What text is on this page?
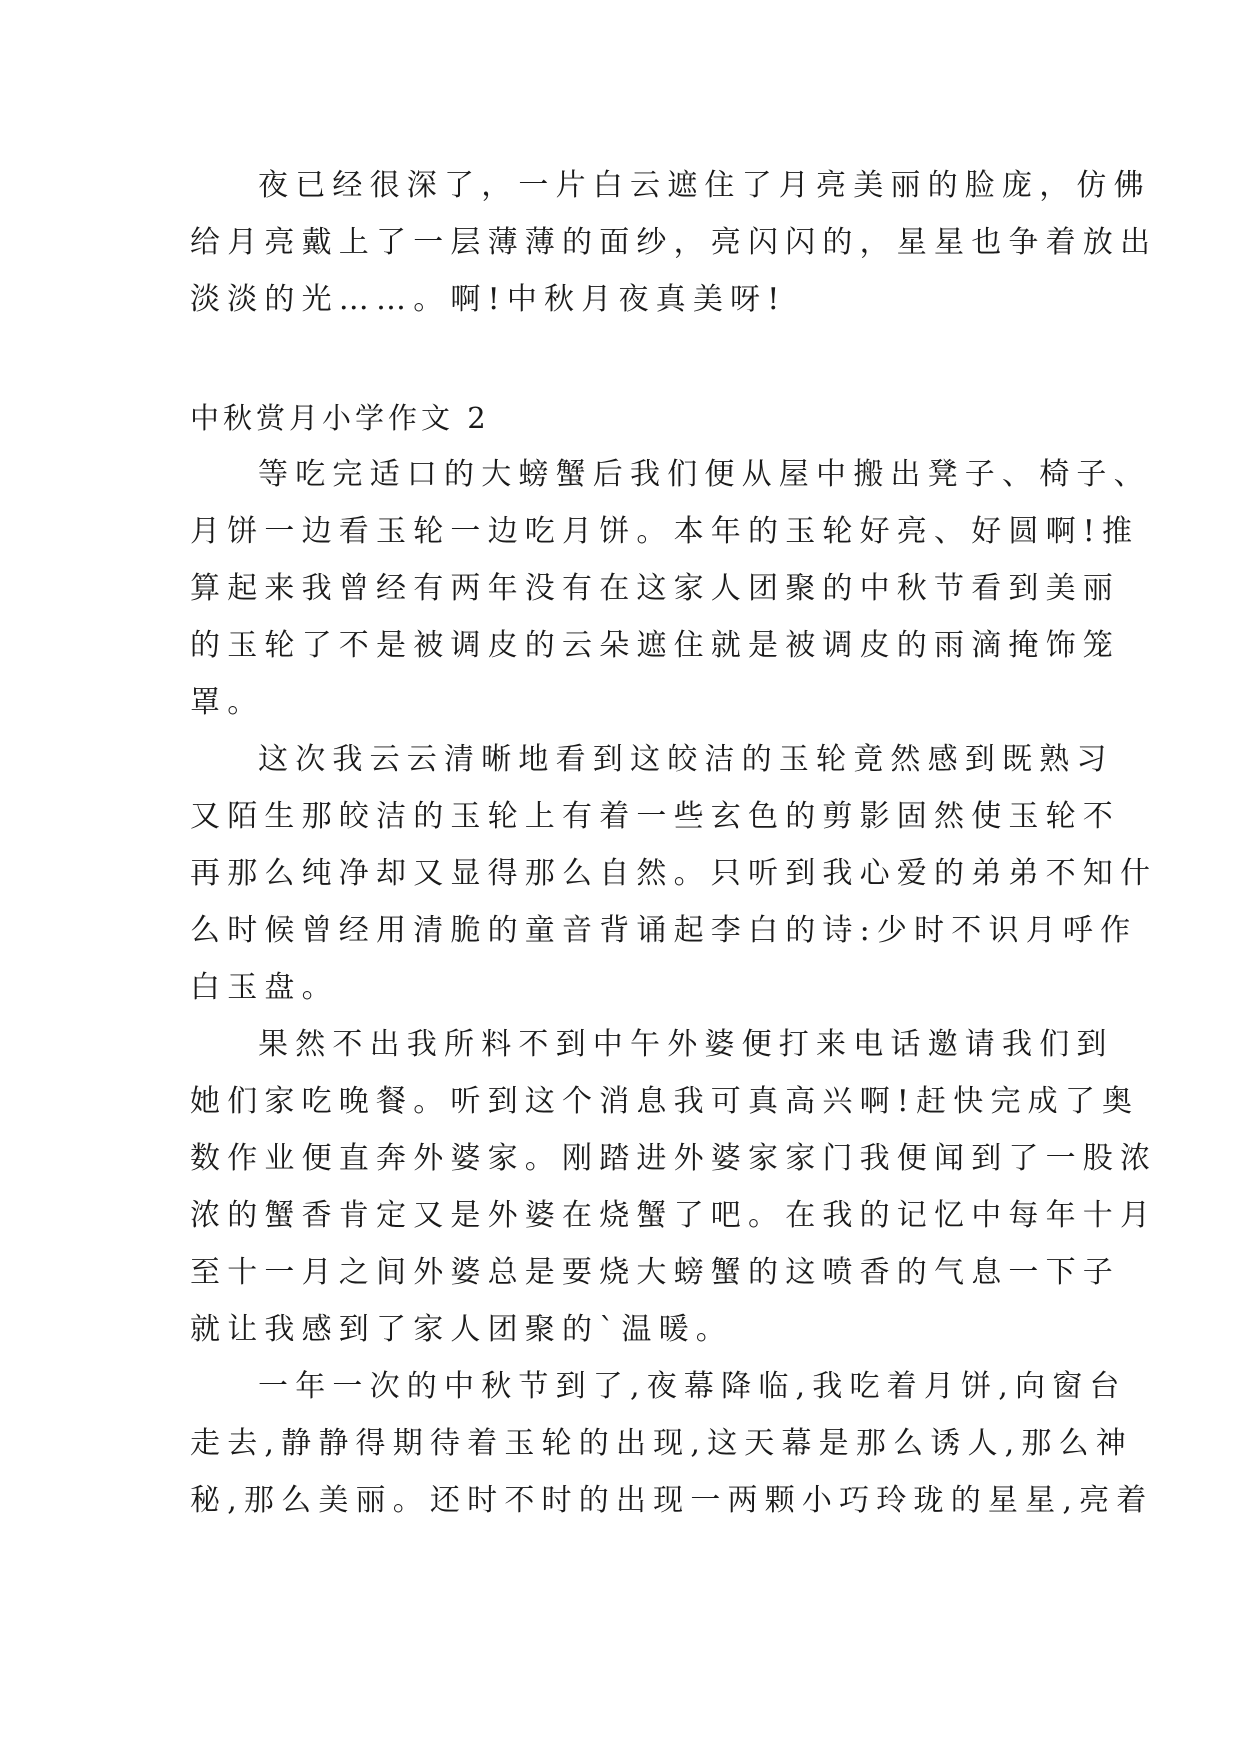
夜已经很深了，一片白云遮住了月亮美丽的脸庞，仿佛
给月亮戴上了一层薄薄的面纱，亮闪闪的，星星也争着放出
淡淡的光……。啊!中秋月夜真美呀!
中秋赏月小学作文 2
等吃完适口的大螃蟹后我们便从屋中搬出凳子、椅子、
月饼一边看玉轮一边吃月饼。本年的玉轮好亮、好圆啊!推
算起来我曾经有两年没有在这家人团聚的中秋节看到美丽
的玉轮了不是被调皮的云朵遮住就是被调皮的雨滴掩饰笼
罩。
这次我云云清晰地看到这皎洁的玉轮竟然感到既熟习
又陌生那皎洁的玉轮上有着一些玄色的剪影固然使玉轮不
再那么纯净却又显得那么自然。只听到我心爱的弟弟不知什
么时候曾经用清脆的童音背诵起李白的诗:少时不识月呼作
白玉盘。
果然不出我所料不到中午外婆便打来电话邀请我们到
她们家吃晚餐。听到这个消息我可真高兴啊!赶快完成了奥
数作业便直奔外婆家。刚踏进外婆家家门我便闻到了一股浓
浓的蟹香肯定又是外婆在烧蟹了吧。在我的记忆中每年十月
至十一月之间外婆总是要烧大螃蟹的这喷香的气息一下子
就让我感到了家人团聚的`温暖。
一年一次的中秋节到了,夜幕降临,我吃着月饼,向窗台
走去,静静得期待着玉轮的出现,这天幕是那么诱人,那么神
秘,那么美丽。还时不时的出现一两颗小巧玲珑的星星,亮着
